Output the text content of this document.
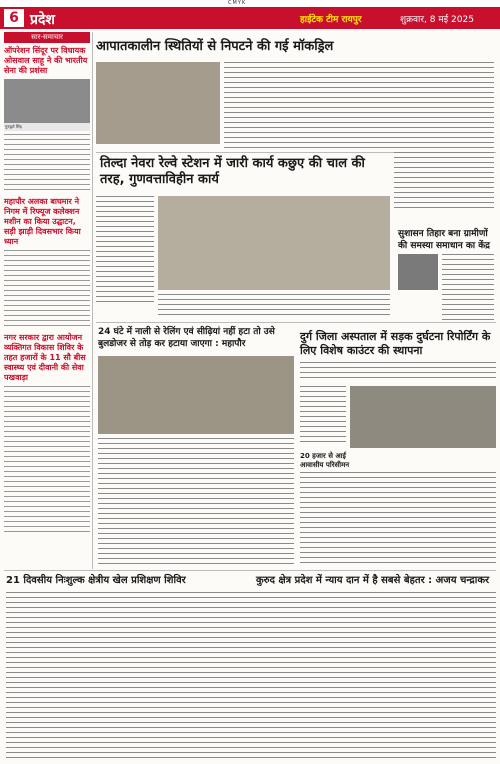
CMYK
6 प्रदेश	हाईटेक टीम रायपुर	शुक्रवार, 8 मई 2025
सार-समाचार
ऑपरेशन सिंदूर पर विधायक ओसवाल साहू ने की भारतीय सेना की प्रशंसा
गुरुद्वारे सिंह
महापौर अलका बाघमार ने निगम में रिफ्यूज कलेक्शन मशीन का किया उद्घाटन, सड़ी झाड़ी दिवसभार किया ध्यान
नगर सरकार द्वारा आयोजन व्यक्तिगत विकास शिविर के तहत हजारों के 11 सौ बीस स्वास्थ्य एवं दीवानी की सेवा पखवाड़ा
आपातकालीन स्थितियों से निपटने की गई मॉकड्रिल
तिल्दा नेवरा रेल्वे स्टेशन में जारी कार्य कछुए की चाल की तरह, गुणवत्ताविहीन कार्य
सुशासन तिहार बना ग्रामीणों की समस्या समाधान का केंद्र
24 घंटे में नाली से रेलिंग एवं सीढ़ियां नहीं हटा तो उसे बुलडोजर से तोड़ कर हटाया जाएगा : महापौर
दुर्ग जिला अस्पताल में सड़क दुर्घटना रिपोर्टिंग के लिए विशेष काउंटर की स्थापना
20 हजार से आई आवासीय परिसीमन
21 दिवसीय निःशुल्क क्षेत्रीय खेल प्रशिक्षण शिविर	कुरुद क्षेत्र प्रदेश में न्याय दान में है सबसे बेहतर : अजय चन्द्राकर
